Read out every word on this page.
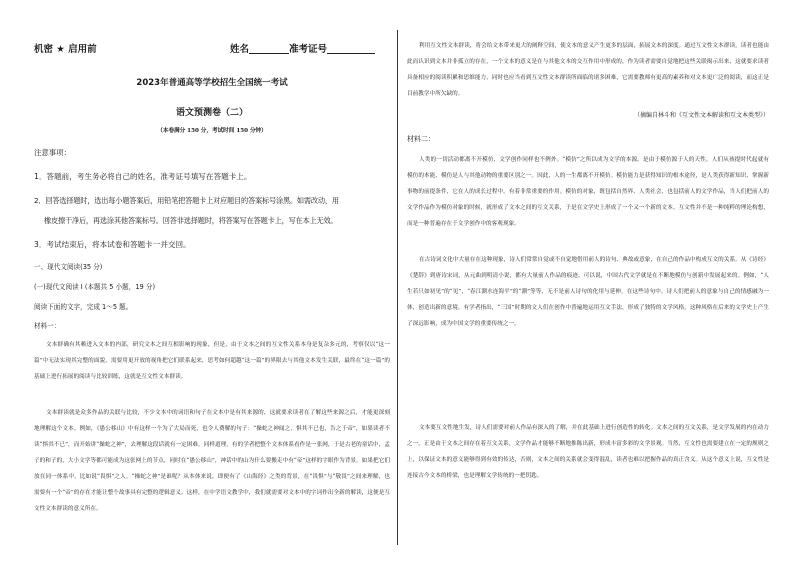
机密 ★ 启用前	姓名	准考证号
2023年普通高等学校招生全国统一考试
语文预测卷（二）
（本卷满分 150 分，考试时间 150 分钟）
注意事项：
1．答题前，考生务必将自己的姓名，准考证号填写在答题卡上。
2．回答选择题时，选出每小题答案后，用铅笔把答题卡上对应题目的答案标号涂黑。如需改动，用
橡皮擦干净后，再选涂其他答案标号。回答非选择题时，将答案写在答题卡上，写在本上无效。
3．考试结束后，将本试卷和答题卡一并交回。
一、现代文阅读(35 分)
(一)现代文阅读 I (本题共 5 小题，19 分)
阅读下面的文字，完成 1～5 题。
材料一：
文本群确有其赖进入文本的内部，研究文本之间互相影响的现象，但是，由于文本之间的互文性关系本身是复杂多元的，考察仅以“这一篇”中无法实现其完整的面貌，需要用更开放的视角把它们联系起来，思考如何超越“这一篇”的界限去与其他文本发生关联，最终在“这一篇”的基础上进行拓展的阅读与比较训练，这就是互文性文本群读。
文本群读就是众多作品的关联与比较，不少文本中的词语和句子在文本中是有其来源的，这就要求读者在了解这些来源之后，才能更深刻地理解这个文本。例如，《愚公移山》中有这样一个为了大局而死，也令人费解的句子：“操蛇之神闻之，惧其不已也，告之于帝”，如果读者不读“惧其不已”，而开始讲“操蛇之神”，去理解这段话就有一定困难。同样道理，有的学者把整个文本体系看作是一张网，于是古老的童话中，孟子的和子的，大小文学等都可能成为这张网上的节点，同时在“愚公移山”，神话中的山为什么要搬走中有“帝”这样的字眼作为背景。如果把它们放在同一体系中，比如说“畏惧”之人。“操蛇之神”是谁呢？从本体来说，即便有了《山海经》之类的背景，在“畏惧”与“敬畏”之间来理解，也需要有一个“帝”的存在才能让整个故事具有完整的逻辑意义。这样，在中学语文教学中，我们就需要对文本中的字词作出全新的解读，这便是互文性文本群读的意义所在。
利用互文性文本群读，将会给文本带来更大的阐释空间，使文本的意义产生更多的层面，拓展文本的深度。通过互文性文本群读，读者也能由此而认识到文本并非孤立的存在，一个文本的意义是在与其他文本的交互作用中形成的，作为读者需要自觉地把这些关联揭示出来，这就要求读者具备相应的阅读积累和思维能力，同时也应当看到互文性文本群读所面临的诸多困难，它需要教师有更高的素养和对文本更广泛的阅读，而这正是目前教学中所欠缺的。
（摘编自林斗和《互文性文本解读和互文本类型》）
材料二：
人类的一切活动都离不开模仿，文学创作同样也不例外。“模仿”之所以成为文学的本源，是由于模仿源于人的天性，人们从孩提时代起就有模仿的本能，模仿是人与其他动物的重要区别之一。因此，人的一生都离不开模仿。模仿能力是获得知识的根本途径，是人类获得新知识、掌握新事物的前提条件，它在人的成长过程中，有着非常重要的作用。模仿的对象，既包括自然界、人类社会，也包括前人的文学作品，当人们把前人的文学作品作为模仿对象的时候，就形成了文本之间的互文关系，于是在文学史上形成了一个又一个新的文本。互文性并不是一种纯粹的理论构想，而是一种普遍存在于文学创作中的客观现象。
在古诗词文化中大量存在这种现象，诗人们常常自觉或不自觉地借用前人的诗句、典故或意象，在自己的作品中构成互文的关系。从《诗经》《楚辞》到唐诗宋词，从元曲到明清小说，都有大量前人作品的痕迹，可以说，中国古代文学就是在不断地模仿与创新中发展起来的。例如，“人生若只如初见”的“见”，“春江潮水连海平”的“潮”等等，无不是前人诗句的化用与延伸。在这些诗句中，诗人们把前人的意象与自己的情感融为一体，创造出新的意境。有学者指出，“三国”时期的文人们在创作中普遍地运用互文手法，形成了独特的文学风格，这种风格在后来的文学史上产生了深远影响，成为中国文学的重要传统之一。
文本要互文性地生发，诗人们需要对前人作品有深入的了解，并在此基础上进行创造性的转化。文本之间的互文关系，是文学发展的内在动力之一。正是由于文本之间存在着互文关系，文学作品才能够不断地推陈出新，形成丰富多彩的文学景观。当然，互文性也需要建立在一定的规则之上，以保证文本的意义能够得到有效的传达，否则，文本之间的关系就会变得混乱，读者也难以把握作品的真正含义。从这个意义上说，互文性是连接古今文本的桥梁，也是理解文学传统的一把钥匙。
